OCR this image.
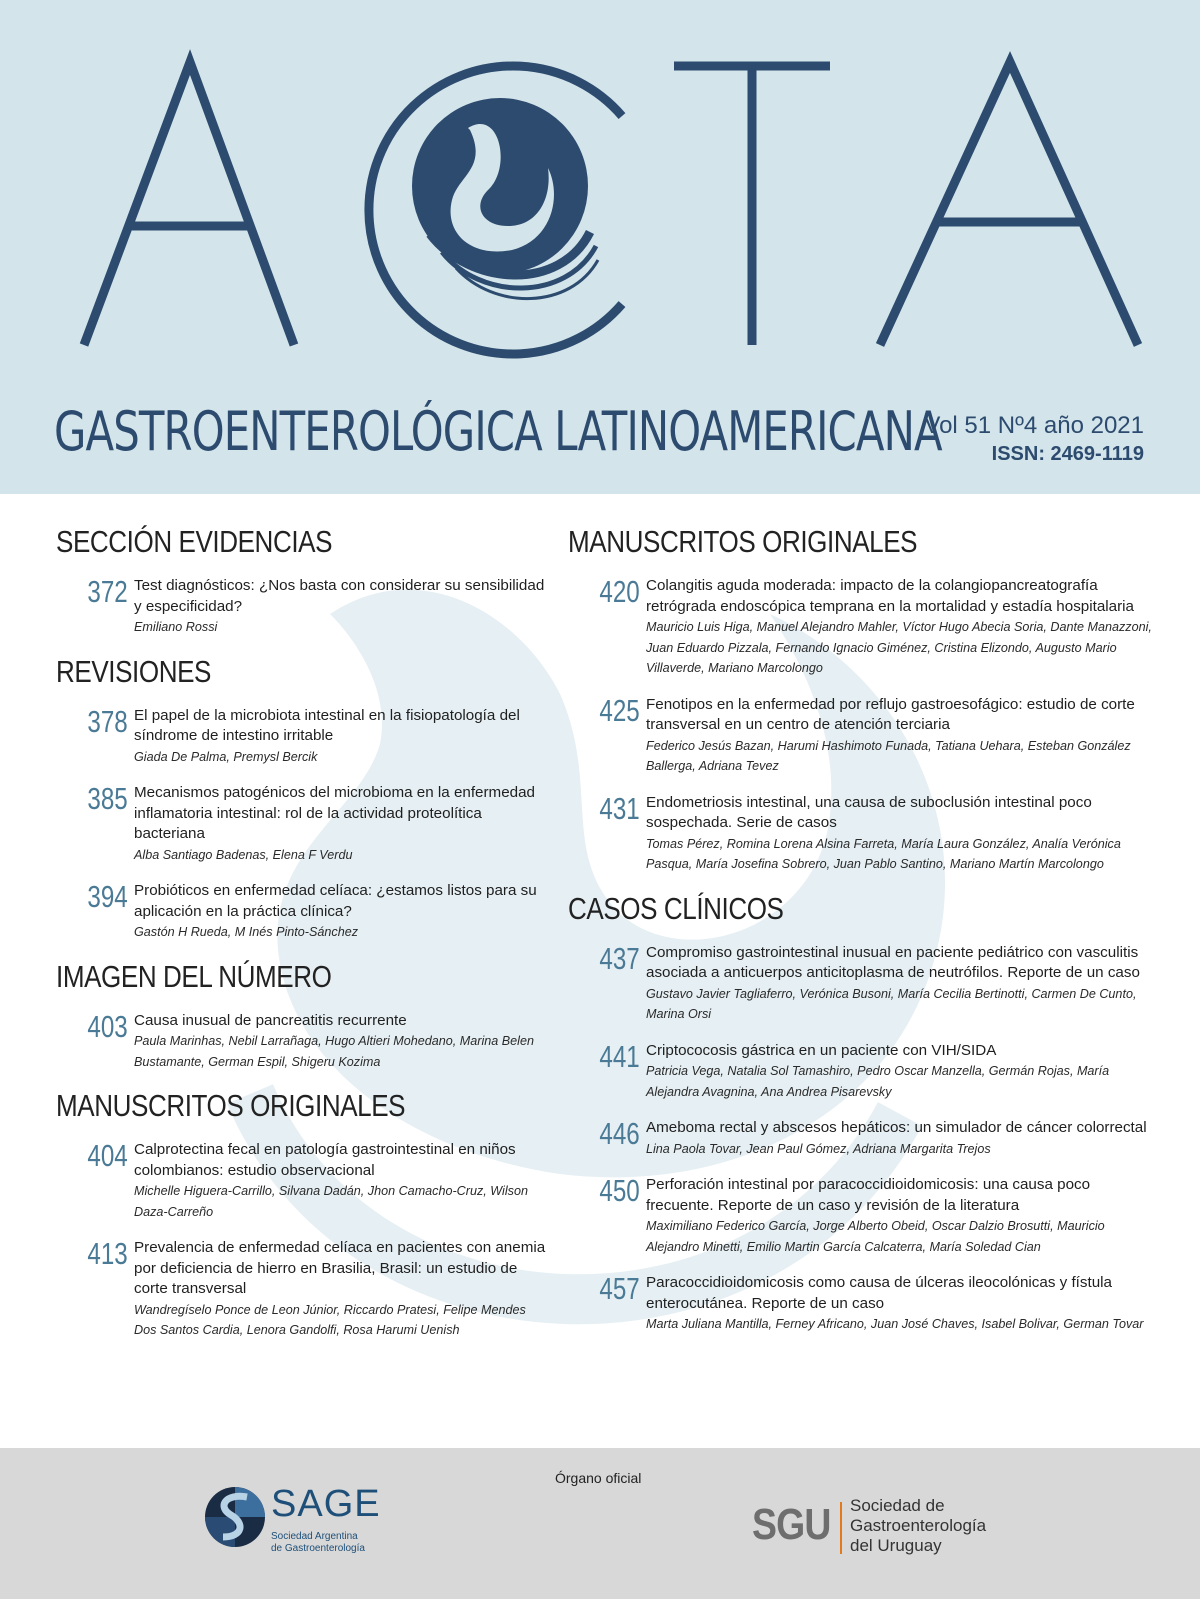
GASTROENTEROLÓGICA LATINOAMERICANA
Vol 51 Nº4 año 2021
ISSN: 2469-1119
SECCIÓN EVIDENCIAS
372 Test diagnósticos: ¿Nos basta con considerar su sensibilidad y especificidad?
Emiliano Rossi
REVISIONES
378 El papel de la microbiota intestinal en la fisiopatología del síndrome de intestino irritable
Giada De Palma, Premysl Bercik
385 Mecanismos patogénicos del microbioma en la enfermedad inflamatoria intestinal: rol de la actividad proteolítica bacteriana
Alba Santiago Badenas, Elena F Verdu
394 Probióticos en enfermedad celíaca: ¿estamos listos para su aplicación en la práctica clínica?
Gastón H Rueda, M Inés Pinto-Sánchez
IMAGEN DEL NÚMERO
403 Causa inusual de pancreatitis recurrente
Paula Marinhas, Nebil Larrañaga, Hugo Altieri Mohedano, Marina Belen Bustamante, German Espil, Shigeru Kozima
MANUSCRITOS ORIGINALES
404 Calprotectina fecal en patología gastrointestinal en niños colombianos: estudio observacional
Michelle Higuera-Carrillo, Silvana Dadán, Jhon Camacho-Cruz, Wilson Daza-Carreño
413 Prevalencia de enfermedad celíaca en pacientes con anemia por deficiencia de hierro en Brasilia, Brasil: un estudio de corte transversal
Wandregíselo Ponce de Leon Júnior, Riccardo Pratesi, Felipe Mendes Dos Santos Cardia, Lenora Gandolfi, Rosa Harumi Uenish
MANUSCRITOS ORIGINALES
420 Colangitis aguda moderada: impacto de la colangiopancreatografía retrógrada endoscópica temprana en la mortalidad y estadía hospitalaria
Mauricio Luis Higa, Manuel Alejandro Mahler, Víctor Hugo Abecia Soria, Dante Manazzoni, Juan Eduardo Pizzala, Fernando Ignacio Giménez, Cristina Elizondo, Augusto Mario Villaverde, Mariano Marcolongo
425 Fenotipos en la enfermedad por reflujo gastroesofágico: estudio de corte transversal en un centro de atención terciaria
Federico Jesús Bazan, Harumi Hashimoto Funada, Tatiana Uehara, Esteban González Ballerga, Adriana Tevez
431 Endometriosis intestinal, una causa de suboclusión intestinal poco sospechada. Serie de casos
Tomas Pérez, Romina Lorena Alsina Farreta, María Laura González, Analía Verónica Pasqua, María Josefina Sobrero, Juan Pablo Santino, Mariano Martín Marcolongo
CASOS CLÍNICOS
437 Compromiso gastrointestinal inusual en paciente pediátrico con vasculitis asociada a anticuerpos anticitoplasma de neutrófilos. Reporte de un caso
Gustavo Javier Tagliaferro, Verónica Busoni, María Cecilia Bertinotti, Carmen De Cunto, Marina Orsi
441 Criptococosis gástrica en un paciente con VIH/SIDA
Patricia Vega, Natalia Sol Tamashiro, Pedro Oscar Manzella, Germán Rojas, María Alejandra Avagnina, Ana Andrea Pisarevsky
446 Ameboma rectal y abscesos hepáticos: un simulador de cáncer colorrectal
Lina Paola Tovar, Jean Paul Gómez, Adriana Margarita Trejos
450 Perforación intestinal por paracoccidioidomicosis: una causa poco frecuente. Reporte de un caso y revisión de la literatura
Maximiliano Federico García, Jorge Alberto Obeid, Oscar Dalzio Brosutti, Mauricio Alejandro Minetti, Emilio Martin García Calcaterra, María Soledad Cian
457 Paracoccidioidomicosis como causa de úlceras ileocolónicas y fístula enterocutánea. Reporte de un caso
Marta Juliana Mantilla, Ferney Africano, Juan José Chaves, Isabel Bolivar, German Tovar
Órgano oficial
SAGE
Sociedad Argentina
de Gastroenterología	SGU Sociedad de
Gastroenterología
del Uruguay
